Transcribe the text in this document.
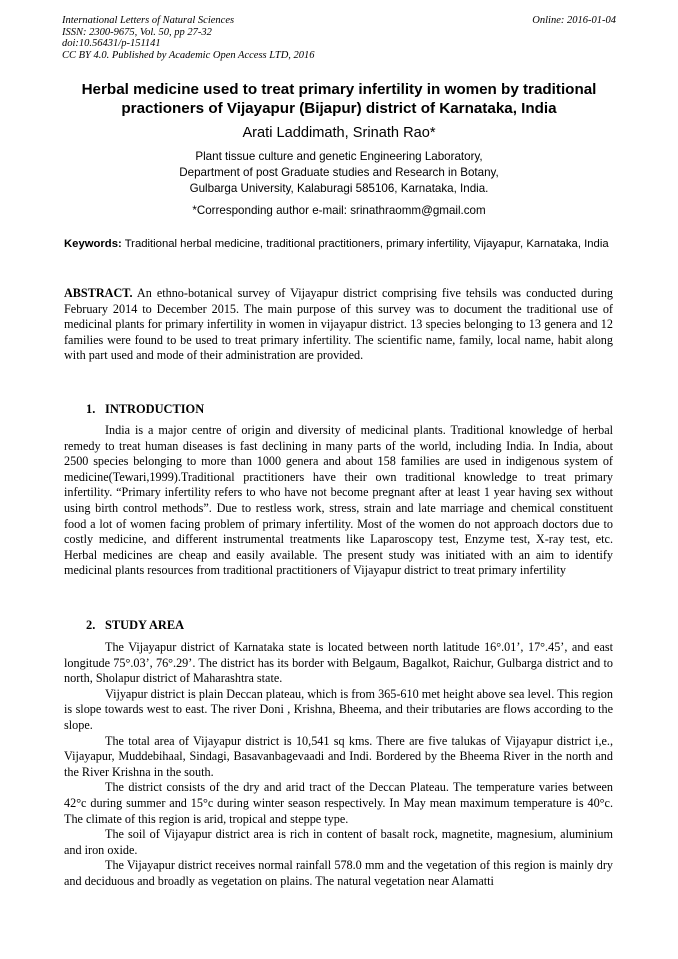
International Letters of Natural Sciences
ISSN: 2300-9675, Vol. 50, pp 27-32
doi:10.56431/p-151141
CC BY 4.0. Published by Academic Open Access LTD, 2016
Online: 2016-01-04
Herbal medicine used to treat primary infertility in women by traditional
practioners of Vijayapur (Bijapur) district of Karnataka, India
Arati Laddimath, Srinath Rao*
Plant tissue culture and genetic Engineering Laboratory,
Department of post Graduate studies and Research in Botany,
Gulbarga University, Kalaburagi 585106, Karnataka, India.
*Corresponding author e-mail: srinathraomm@gmail.com
Keywords: Traditional herbal medicine, traditional practitioners, primary infertility, Vijayapur, Karnataka, India
ABSTRACT. An ethno-botanical survey of Vijayapur district comprising five tehsils was conducted during February 2014 to December 2015. The main purpose of this survey was to document the traditional use of medicinal plants for primary infertility in women in vijayapur district. 13 species belonging to 13 genera and 12 families were found to be used to treat primary infertility. The scientific name, family, local name, habit along with part used and mode of their administration are provided.
1. INTRODUCTION

India is a major centre of origin and diversity of medicinal plants. Traditional knowledge of herbal remedy to treat human diseases is fast declining in many parts of the world, including India. In India, about 2500 species belonging to more than 1000 genera and about 158 families are used in indigenous system of medicine(Tewari,1999).Traditional practitioners have their own traditional knowledge to treat primary infertility. “Primary infertility refers to who have not become pregnant after at least 1 year having sex without using birth control methods”. Due to restless work, stress, strain and late marriage and chemical constituent food a lot of women facing problem of primary infertility. Most of the women do not approach doctors due to costly medicine, and different instrumental treatments like Laparoscopy test, Enzyme test, X-ray test, etc. Herbal medicines are cheap and easily available. The present study was initiated with an aim to identify medicinal plants resources from traditional practitioners of Vijayapur district to treat primary infertility

2. STUDY AREA

The Vijayapur district of Karnataka state is located between north latitude 16°.01’, 17°.45’, and east longitude 75°.03’, 76°.29’. The district has its border with Belgaum, Bagalkot, Raichur, Gulbarga district and to north, Sholapur district of Maharashtra state.

Vijyapur district is plain Deccan plateau, which is from 365-610 met height above sea level. This region is slope towards west to east. The river Doni , Krishna, Bheema, and their tributaries are flows according to the slope.

The total area of Vijayapur district is 10,541 sq kms. There are five talukas of Vijayapur district i,e., Vijayapur, Muddebihaal, Sindagi, Basavanbagevaadi and Indi. Bordered by the Bheema River in the north and the River Krishna in the south.

The district consists of the dry and arid tract of the Deccan Plateau. The temperature varies between 42°c during summer and 15°c during winter season respectively. In May mean maximum temperature is 40°c. The climate of this region is arid, tropical and steppe type.

The soil of Vijayapur district area is rich in content of basalt rock, magnetite, magnesium, aluminium and iron oxide.

The Vijayapur district receives normal rainfall 578.0 mm and the vegetation of this region is mainly dry and deciduous and broadly as vegetation on plains. The natural vegetation near Alamatti
